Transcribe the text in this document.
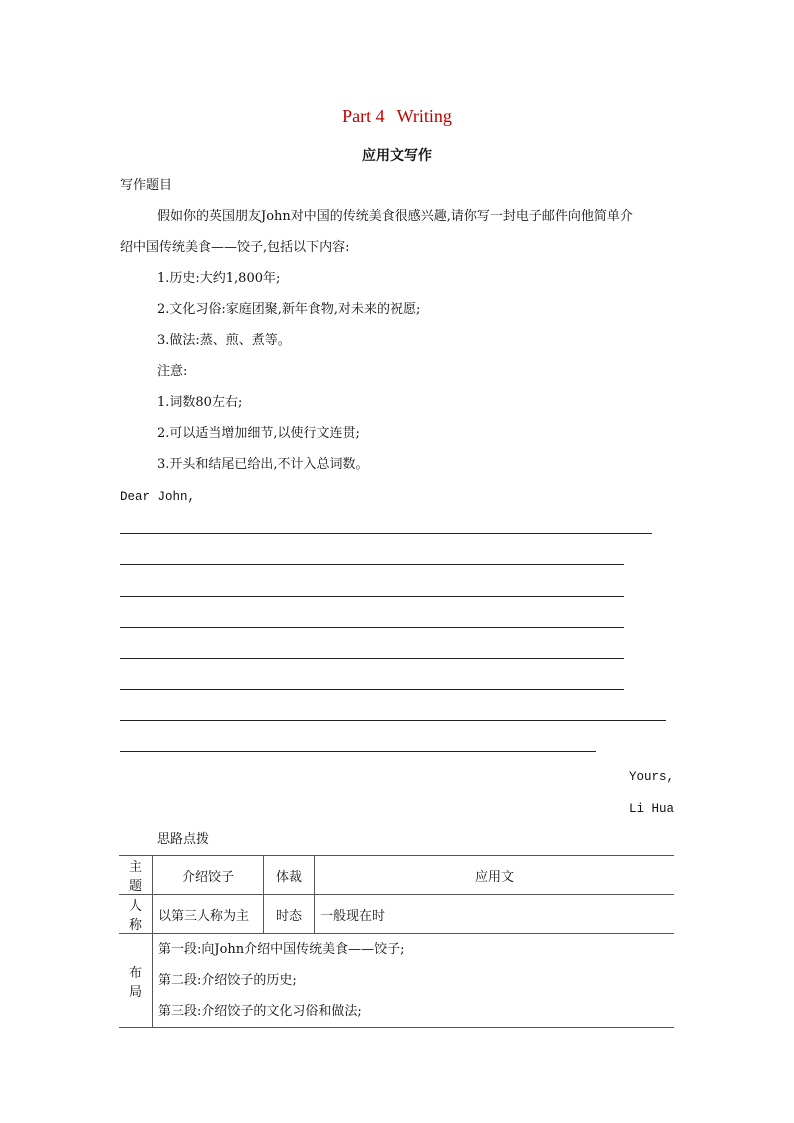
Part 4 Writing
应用文写作
写作题目
假如你的英国朋友John对中国的传统美食很感兴趣,请你写一封电子邮件向他简单介
绍中国传统美食——饺子,包括以下内容:
1.历史:大约1,800年;
2.文化习俗:家庭团聚,新年食物,对未来的祝愿;
3.做法:蒸、煎、煮等。
注意:
1.词数80左右;
2.可以适当增加细节,以使行文连贯;
3.开头和结尾已给出,不计入总词数。
Dear John,
Yours,
Li Hua
思路点拨
主题	介绍饺子	体裁	应用文
人称	以第三人称为主	时态	一般现在时
布局	第一段:向John介绍中国传统美食——饺子;
第二段:介绍饺子的历史;
第三段:介绍饺子的文化习俗和做法;		
